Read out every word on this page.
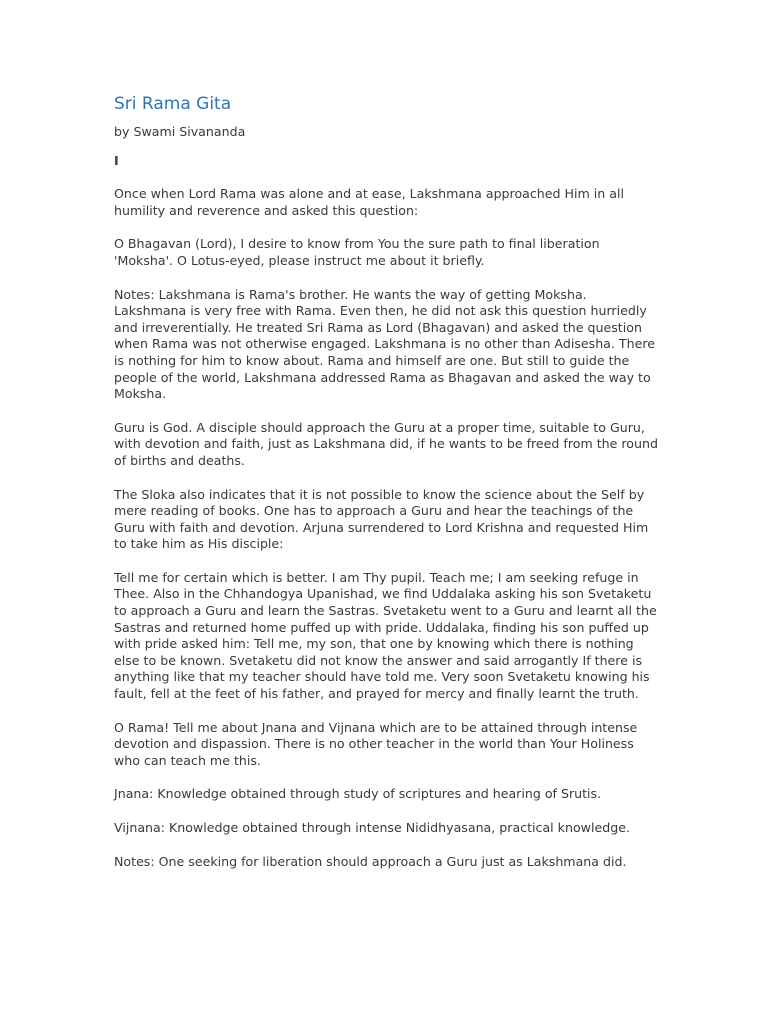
Sri Rama Gita
by Swami Sivananda
I

Once when Lord Rama was alone and at ease, Lakshmana approached Him in all humility and reverence and asked this question:

O Bhagavan (Lord), I desire to know from You the sure path to final liberation 'Moksha'. O Lotus-eyed, please instruct me about it briefly.

Notes: Lakshmana is Rama's brother. He wants the way of getting Moksha. Lakshmana is very free with Rama. Even then, he did not ask this question hurriedly and irreverentially. He treated Sri Rama as Lord (Bhagavan) and asked the question when Rama was not otherwise engaged. Lakshmana is no other than Adisesha. There is nothing for him to know about. Rama and himself are one. But still to guide the people of the world, Lakshmana addressed Rama as Bhagavan and asked the way to Moksha.

Guru is God. A disciple should approach the Guru at a proper time, suitable to Guru, with devotion and faith, just as Lakshmana did, if he wants to be freed from the round of births and deaths.

The Sloka also indicates that it is not possible to know the science about the Self by mere reading of books. One has to approach a Guru and hear the teachings of the Guru with faith and devotion. Arjuna surrendered to Lord Krishna and requested Him to take him as His disciple:

Tell me for certain which is better. I am Thy pupil. Teach me; I am seeking refuge in Thee. Also in the Chhandogya Upanishad, we find Uddalaka asking his son Svetaketu to approach a Guru and learn the Sastras. Svetaketu went to a Guru and learnt all the Sastras and returned home puffed up with pride. Uddalaka, finding his son puffed up with pride asked him: Tell me, my son, that one by knowing which there is nothing else to be known. Svetaketu did not know the answer and said arrogantly If there is anything like that my teacher should have told me. Very soon Svetaketu knowing his fault, fell at the feet of his father, and prayed for mercy and finally learnt the truth.

O Rama! Tell me about Jnana and Vijnana which are to be attained through intense devotion and dispassion. There is no other teacher in the world than Your Holiness who can teach me this.

Jnana: Knowledge obtained through study of scriptures and hearing of Srutis.

Vijnana: Knowledge obtained through intense Nididhyasana, practical knowledge.

Notes: One seeking for liberation should approach a Guru just as Lakshmana did.
